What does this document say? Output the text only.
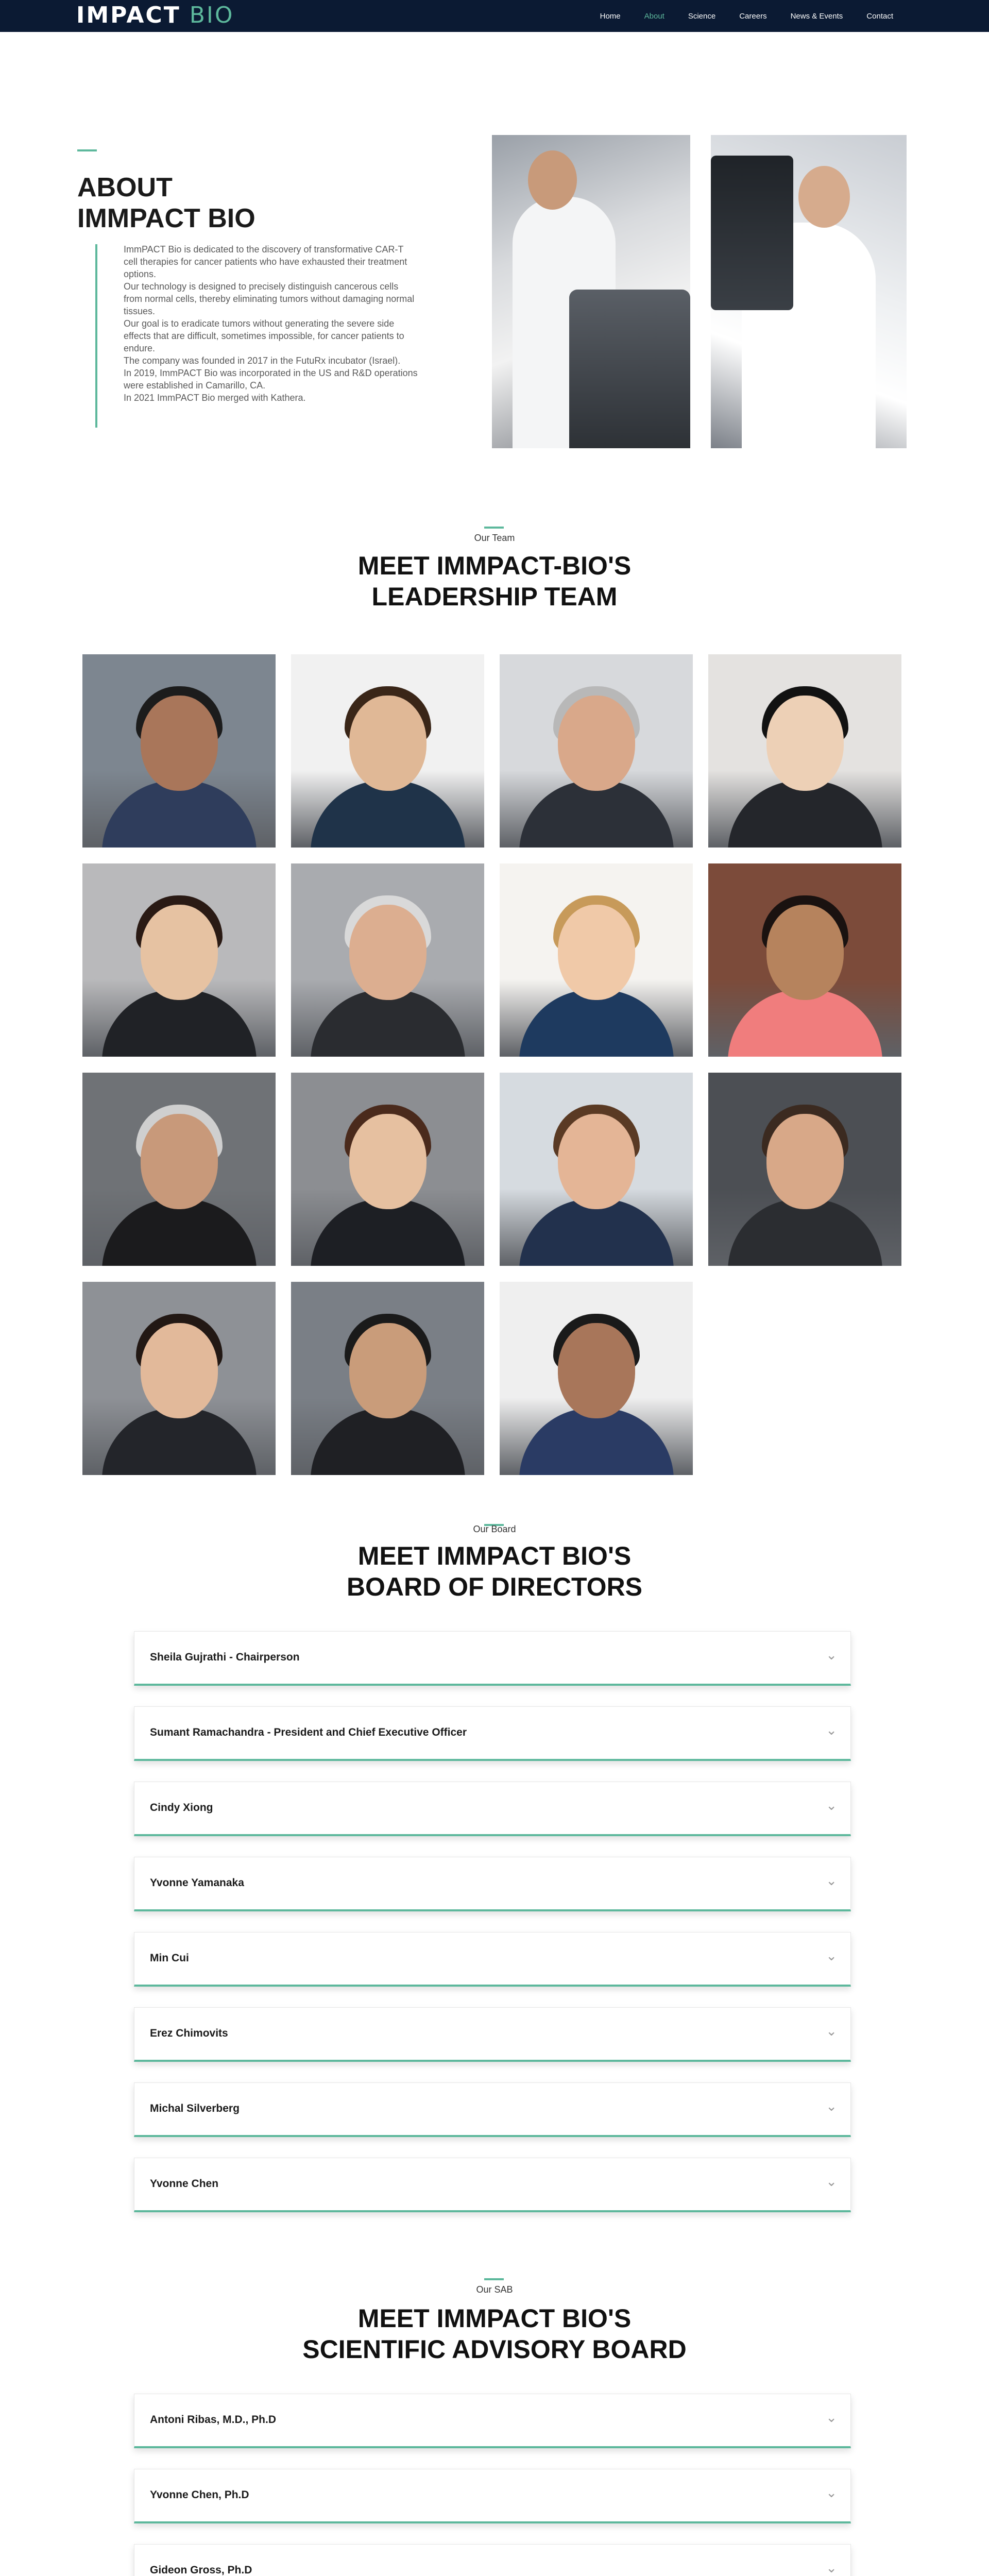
IMPACT BIO	Home	About	Science	Careers	News & Events	Contact
ABOUT
IMMPACT BIO

ImmPACT Bio is dedicated to the discovery of transformative CAR-T cell therapies for cancer patients who have exhausted their treatment options.

Our technology is designed to precisely distinguish cancerous cells from normal cells, thereby eliminating tumors without damaging normal tissues.

Our goal is to eradicate tumors without generating the severe side effects that are difficult, sometimes impossible, for cancer patients to endure.

The company was founded in 2017 in the FutuRx incubator (Israel).

In 2019, ImmPACT Bio was incorporated in the US and R&D operations were established in Camarillo, CA.

In 2021 ImmPACT Bio merged with Kathera.

Our Team
MEET IMMPACT-BIO'S
LEADERSHIP TEAM
Our Board
MEET IMMPACT BIO'S
BOARD OF DIRECTORS
Sheila Gujrathi - Chairperson	⌄
Sumant Ramachandra - President and Chief Executive Officer	⌄
Cindy Xiong	⌄
Yvonne Yamanaka	⌄
Min Cui	⌄
Erez Chimovits	⌄
Michal Silverberg	⌄
Yvonne Chen	⌄
Our SAB
MEET IMMPACT BIO'S
SCIENTIFIC ADVISORY BOARD
Antoni Ribas, M.D., Ph.D	⌄
Yvonne Chen, Ph.D	⌄
Gideon Gross, Ph.D	⌄
